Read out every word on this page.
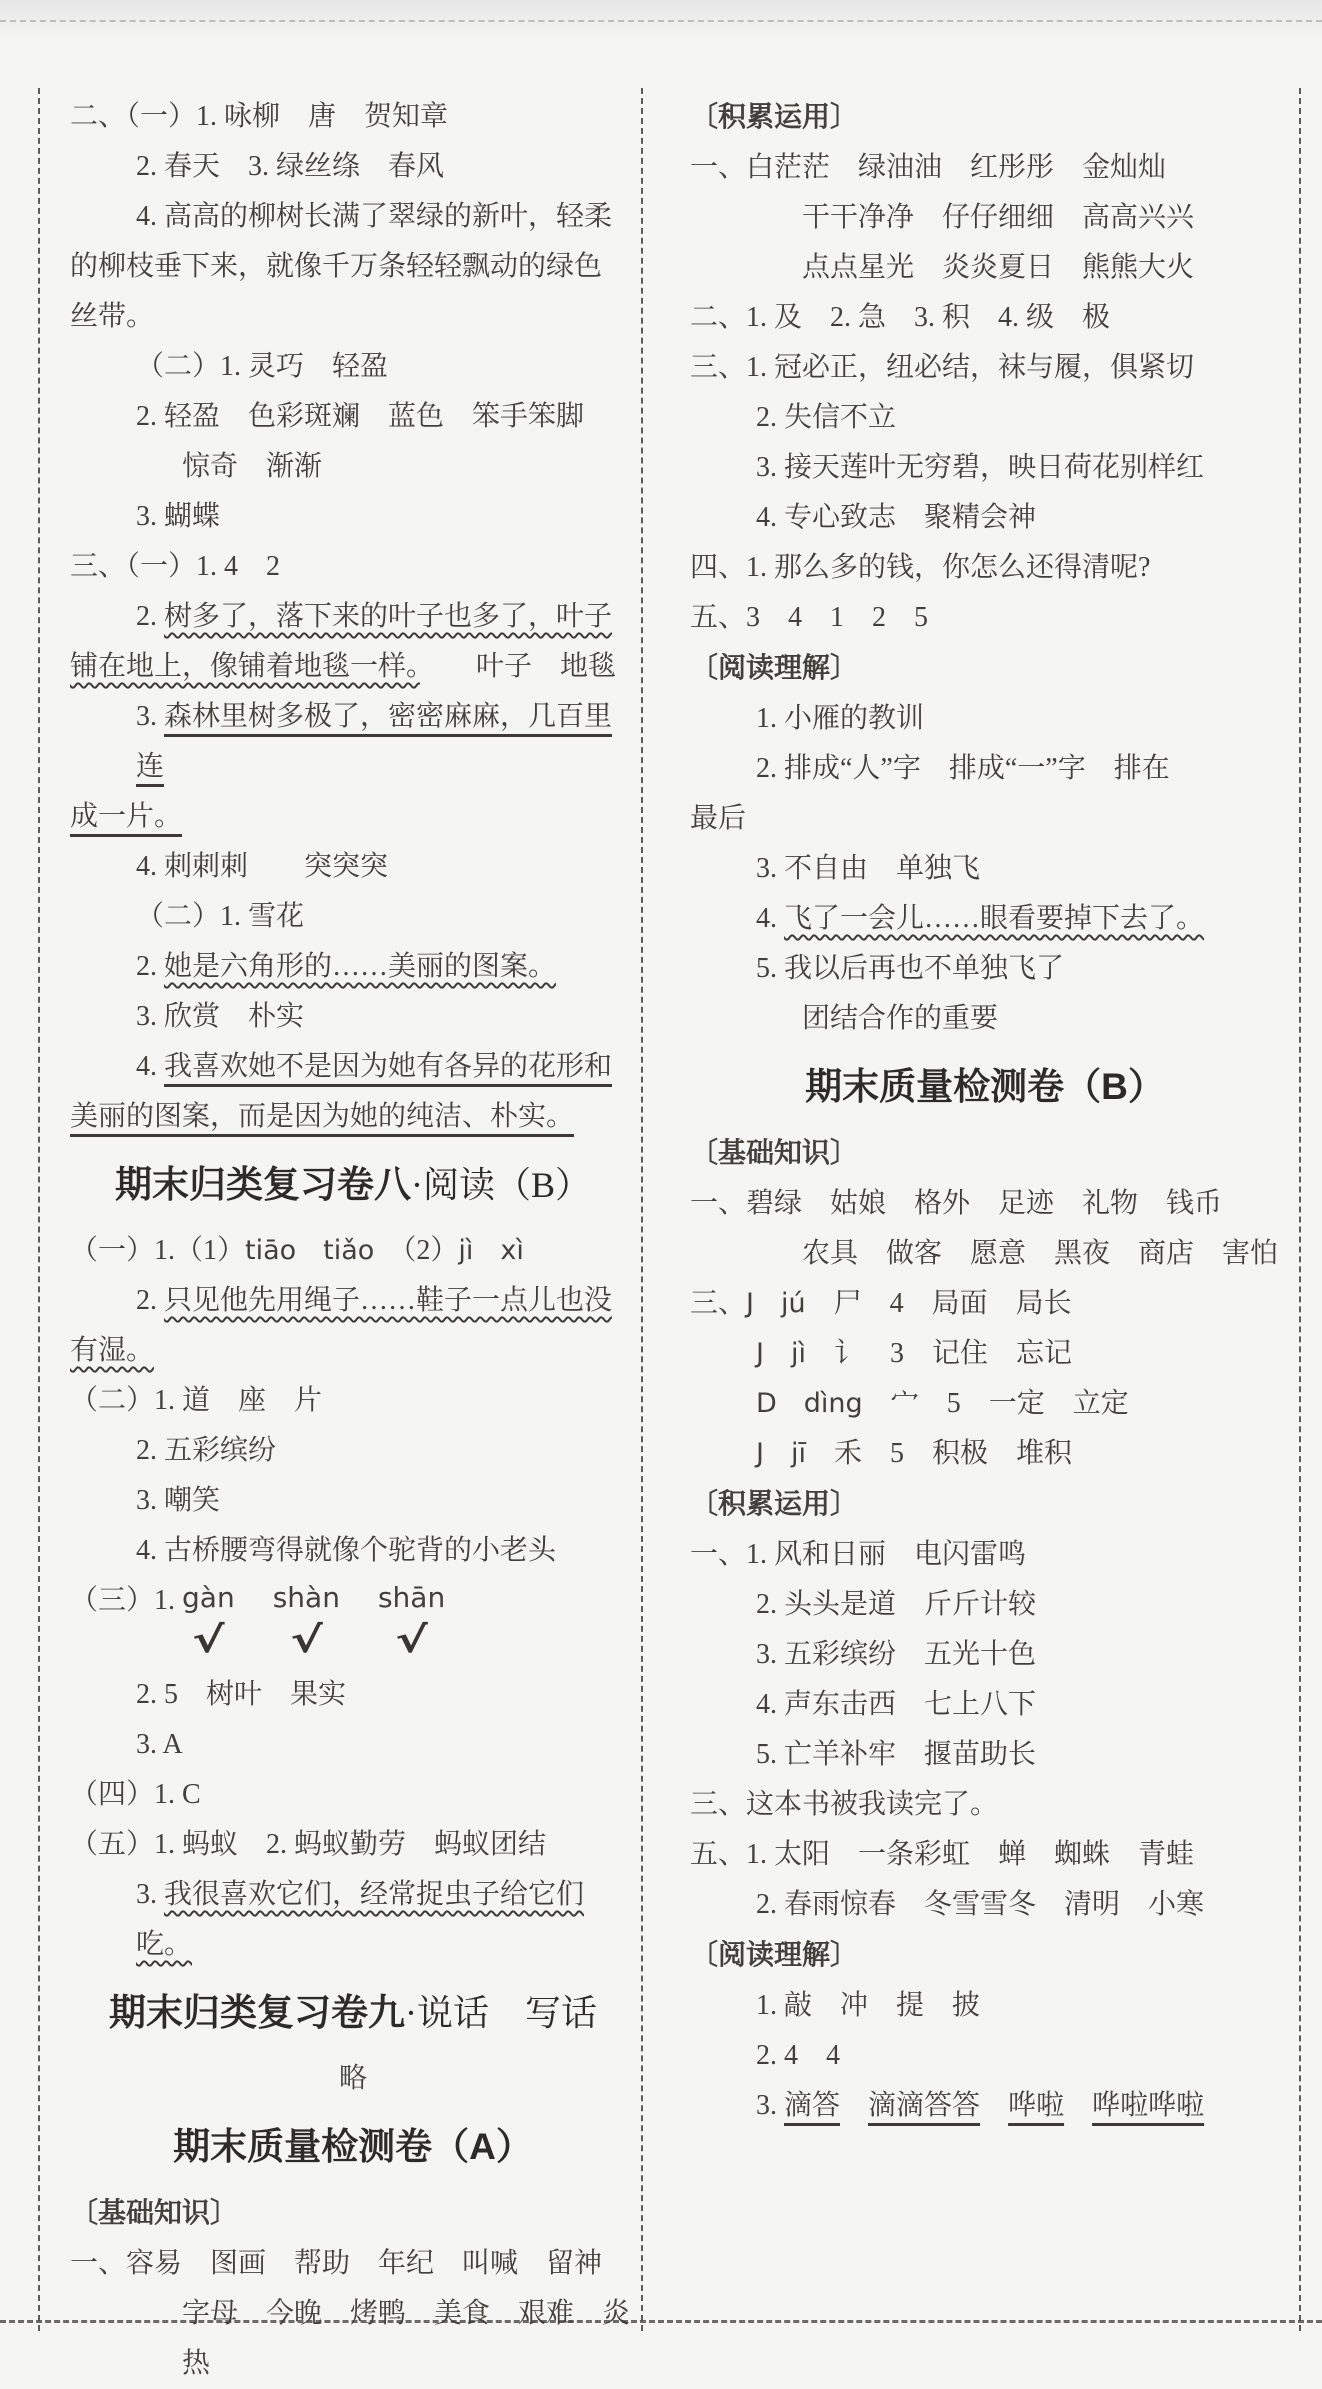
二、（一）1. 咏柳　唐　贺知章
2. 春天　3. 绿丝绦　春风
4. 高高的柳树长满了翠绿的新叶，轻柔
的柳枝垂下来，就像千万条轻轻飘动的绿色
丝带。
（二）1. 灵巧　轻盈
2. 轻盈　色彩斑斓　蓝色　笨手笨脚
惊奇　渐渐
3. 蝴蝶
三、（一）1. 4　2
2. 树多了，落下来的叶子也多了，叶子
铺在地上，像铺着地毯一样。　　叶子　地毯
3. 森林里树多极了，密密麻麻，几百里连
成一片。
4. 刺刺刺　　突突突
（二）1. 雪花
2. 她是六角形的……美丽的图案。
3. 欣赏　朴实
4. 我喜欢她不是因为她有各异的花形和
美丽的图案，而是因为她的纯洁、朴实。
期末归类复习卷八·阅读（B）
（一）1.（1）tiāo　tiǎo　（2）jì　xì
2. 只见他先用绳子……鞋子一点儿也没
有湿。
（二）1. 道　座　片
2. 五彩缤纷
3. 嘲笑
4. 古桥腰弯得就像个驼背的小老头
（三）1. gàn
√
shàn
√
shān
√
2. 5　树叶　果实
3. A
（四）1. C
（五）1. 蚂蚁　2. 蚂蚁勤劳　蚂蚁团结
3. 我很喜欢它们，经常捉虫子给它们吃。
期末归类复习卷九·说话　写话
略
期末质量检测卷（A）
〔基础知识〕
一、容易　图画　帮助　年纪　叫喊　留神
字母　今晚　烤鸭　美食　艰难　炎热
〔积累运用〕
一、白茫茫　绿油油　红彤彤　金灿灿
干干净净　仔仔细细　高高兴兴
点点星光　炎炎夏日　熊熊大火
二、1. 及　2. 急　3. 积　4. 级　极
三、1. 冠必正，纽必结，袜与履，俱紧切
2. 失信不立
3. 接天莲叶无穷碧，映日荷花别样红
4. 专心致志　聚精会神
四、1. 那么多的钱，你怎么还得清呢?
五、3　4　1　2　5
〔阅读理解〕
1. 小雁的教训
2. 排成“人”字　排成“一”字　排在
最后
3. 不自由　单独飞
4. 飞了一会儿……眼看要掉下去了。
5. 我以后再也不单独飞了
团结合作的重要
期末质量检测卷（B）
〔基础知识〕
一、碧绿　姑娘　格外　足迹　礼物　钱币
农具　做客　愿意　黑夜　商店　害怕
三、J　jú　尸　4　局面　局长
J　jì　讠　3　记住　忘记
D　dìng　宀　5　一定　立定
J　jī　禾　5　积极　堆积
〔积累运用〕
一、1. 风和日丽　电闪雷鸣
2. 头头是道　斤斤计较
3. 五彩缤纷　五光十色
4. 声东击西　七上八下
5. 亡羊补牢　揠苗助长
三、这本书被我读完了。
五、1. 太阳　一条彩虹　蝉　蜘蛛　青蛙
2. 春雨惊春　冬雪雪冬　清明　小寒
〔阅读理解〕
1. 敲　冲　提　披
2. 4　4
3. 滴答　 滴滴答答　 哗啦　 哗啦哗啦
